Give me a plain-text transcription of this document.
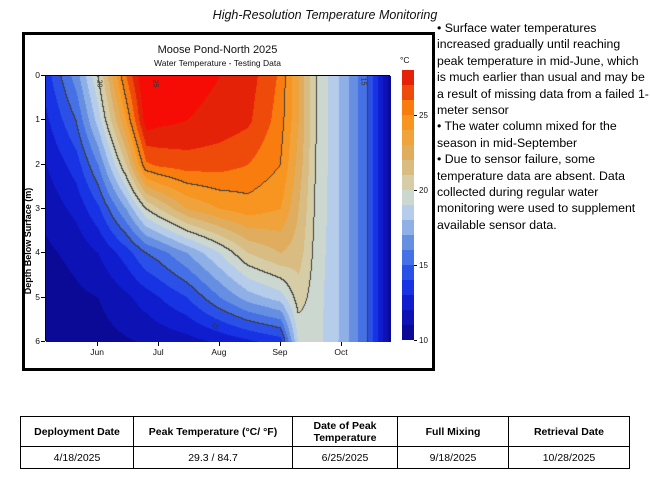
High-Resolution Temperature Monitoring
Depth Below Surface (m)
Moose Pond-North 2025
Water Temperature - Testing Data
20	25	15
15
0
1
2
3
4
5
6
Jun	Jul	Aug	Sep	Oct
°C
25
20
15
10
• Surface water temperatures increased gradually until reaching peak temperature in mid-June, which is much earlier than usual and may be a result of missing data from a failed 1-meter sensor
• The water column mixed for the season in mid-September
• Due to sensor failure, some temperature data are absent. Data collected during regular water monitoring were used to supplement available sensor data.
Deployment Date	Peak Temperature (°C/ °F)	Date of Peak Temperature	Full Mixing	Retrieval Date
4/18/2025	29.3 / 84.7	6/25/2025	9/18/2025	10/28/2025
